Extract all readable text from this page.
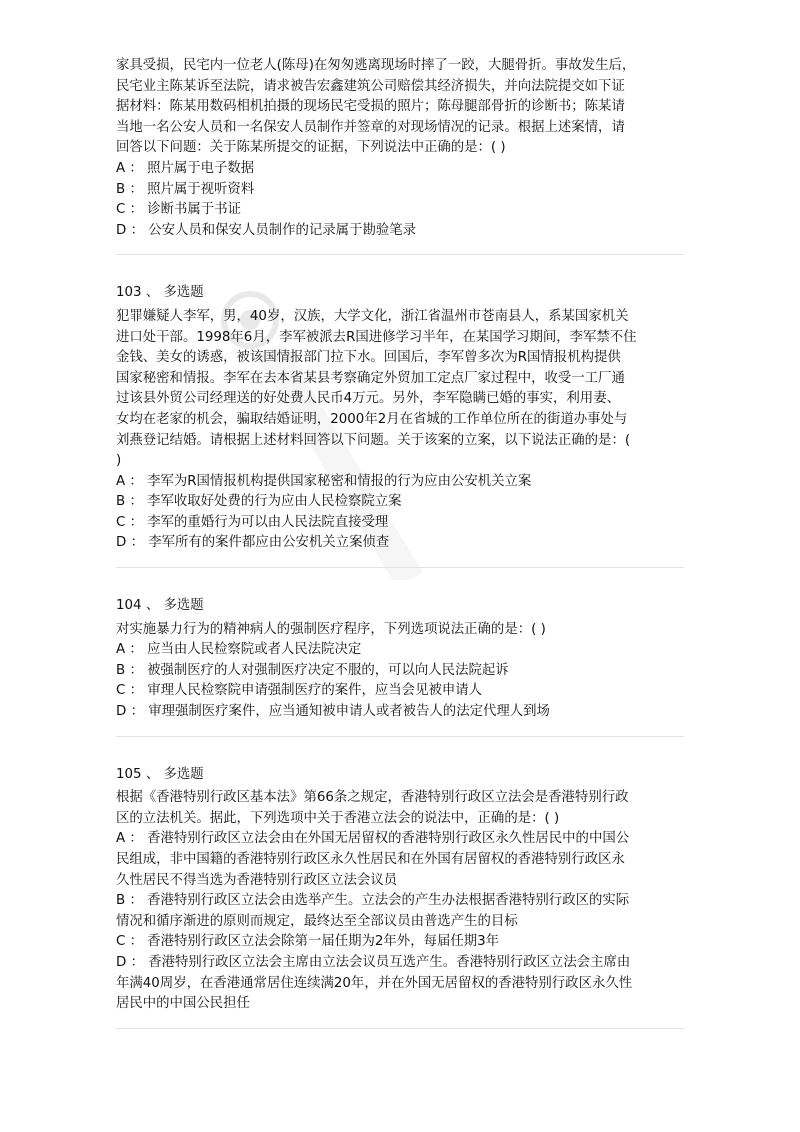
家具受损，民宅内一位老人(陈母)在匆匆逃离现场时摔了一跤，大腿骨折。事故发生后，
民宅业主陈某诉至法院，请求被告宏鑫建筑公司赔偿其经济损失，并向法院提交如下证
据材料：陈某用数码相机拍摄的现场民宅受损的照片；陈母腿部骨折的诊断书；陈某请
当地一名公安人员和一名保安人员制作并签章的对现场情况的记录。根据上述案情，请
回答以下问题：关于陈某所提交的证据，下列说法中正确的是：( )
A ： 照片属于电子数据
B ： 照片属于视听资料
C ： 诊断书属于书证
D ： 公安人员和保安人员制作的记录属于勘验笔录
103 、 多选题
犯罪嫌疑人李军，男，40岁，汉族，大学文化，浙江省温州市苍南县人，系某国家机关
进口处干部。1998年6月，李军被派去R国进修学习半年，在某国学习期间，李军禁不住
金钱、美女的诱惑，被该国情报部门拉下水。回国后，李军曾多次为R国情报机构提供
国家秘密和情报。李军在去本省某县考察确定外贸加工定点厂家过程中，收受一工厂通
过该县外贸公司经理送的好处费人民币4万元。另外，李军隐瞒已婚的事实，利用妻、
女均在老家的机会，骗取结婚证明，2000年2月在省城的工作单位所在的街道办事处与
刘燕登记结婚。请根据上述材料回答以下问题。关于该案的立案，以下说法正确的是：(
)
A ： 李军为R国情报机构提供国家秘密和情报的行为应由公安机关立案
B ： 李军收取好处费的行为应由人民检察院立案
C ： 李军的重婚行为可以由人民法院直接受理
D ： 李军所有的案件都应由公安机关立案侦查
104 、 多选题
对实施暴力行为的精神病人的强制医疗程序，下列选项说法正确的是：( )
A ： 应当由人民检察院或者人民法院决定
B ： 被强制医疗的人对强制医疗决定不服的，可以向人民法院起诉
C ： 审理人民检察院申请强制医疗的案件，应当会见被申请人
D ： 审理强制医疗案件，应当通知被申请人或者被告人的法定代理人到场
105 、 多选题
根据《香港特别行政区基本法》第66条之规定，香港特别行政区立法会是香港特别行政
区的立法机关。据此，下列选项中关于香港立法会的说法中，正确的是：( )
A ： 香港特别行政区立法会由在外国无居留权的香港特别行政区永久性居民中的中国公
民组成，非中国籍的香港特别行政区永久性居民和在外国有居留权的香港特别行政区永
久性居民不得当选为香港特别行政区立法会议员
B ： 香港特别行政区立法会由选举产生。立法会的产生办法根据香港特别行政区的实际
情况和循序渐进的原则而规定，最终达至全部议员由普选产生的目标
C ： 香港特别行政区立法会除第一届任期为2年外，每届任期3年
D ： 香港特别行政区立法会主席由立法会议员互选产生。香港特别行政区立法会主席由
年满40周岁，在香港通常居住连续满20年，并在外国无居留权的香港特别行政区永久性
居民中的中国公民担任
